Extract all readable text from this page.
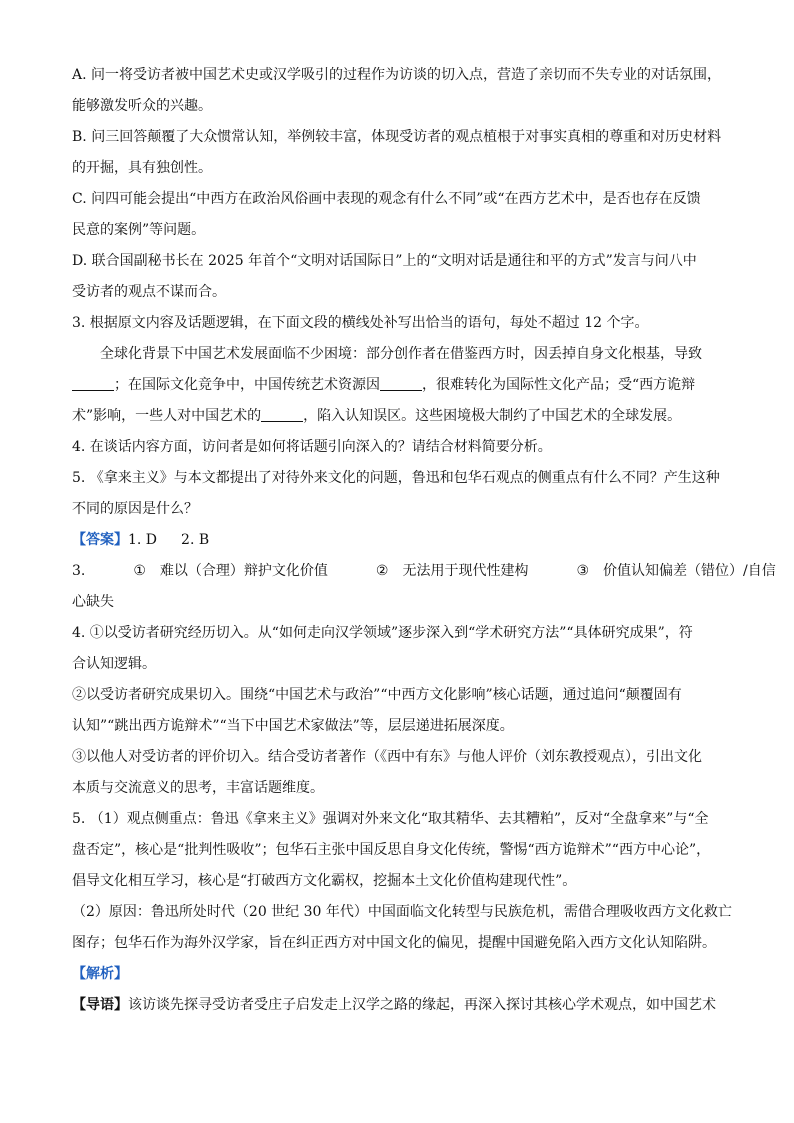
A. 问一将受访者被中国艺术史或汉学吸引的过程作为访谈的切入点，营造了亲切而不失专业的对话氛围，
能够激发听众的兴趣。
B. 问三回答颠覆了大众惯常认知，举例较丰富，体现受访者的观点植根于对事实真相的尊重和对历史材料
的开掘，具有独创性。
C. 问四可能会提出“中西方在政治风俗画中表现的观念有什么不同”或“在西方艺术中，是否也存在反馈
民意的案例”等问题。
D. 联合国副秘书长在 2025 年首个“文明对话国际日”上的“文明对话是通往和平的方式”发言与问八中
受访者的观点不谋而合。
3. 根据原文内容及话题逻辑，在下面文段的横线处补写出恰当的语句，每处不超过 12 个字。
全球化背景下中国艺术发展面临不少困境：部分创作者在借鉴西方时，因丢掉自身文化根基，导致
；在国际文化竞争中，中国传统艺术资源因	，很难转化为国际性文化产品；受“西方诡辩
术”影响，一些人对中国艺术的	，陷入认知误区。这些困境极大制约了中国艺术的全球发展。
4. 在谈话内容方面，访问者是如何将话题引向深入的？请结合材料简要分析。
5. 《拿来主义》与本文都提出了对待外来文化的问题，鲁迅和包华石观点的侧重点有什么不同？产生这种
不同的原因是什么？
【答案】1. D 2. B
3.	① 难以（合理）辩护文化价值	② 无法用于现代性建构	③ 价值认知偏差（错位）/自信
心缺失
4. ①以受访者研究经历切入。从“如何走向汉学领域”逐步深入到“学术研究方法”“具体研究成果”，符
合认知逻辑。
②以受访者研究成果切入。围绕“中国艺术与政治”“中西方文化影响”核心话题，通过追问“颠覆固有
认知”“跳出西方诡辩术”“当下中国艺术家做法”等，层层递进拓展深度。
③以他人对受访者的评价切入。结合受访者著作（《西中有东》与他人评价（刘东教授观点），引出文化
本质与交流意义的思考，丰富话题维度。
5. （1）观点侧重点：鲁迅《拿来主义》强调对外来文化“取其精华、去其糟粕”，反对“全盘拿来”与“全
盘否定”，核心是“批判性吸收”；包华石主张中国反思自身文化传统，警惕“西方诡辩术”“西方中心论”，
倡导文化相互学习，核心是“打破西方文化霸权，挖掘本土文化价值构建现代性”。
（2）原因：鲁迅所处时代（20 世纪 30 年代）中国面临文化转型与民族危机，需借合理吸收西方文化救亡
图存；包华石作为海外汉学家，旨在纠正西方对中国文化的偏见，提醒中国避免陷入西方文化认知陷阱。
【解析】
【导语】该访谈先探寻受访者受庄子启发走上汉学之路的缘起，再深入探讨其核心学术观点，如中国艺术
